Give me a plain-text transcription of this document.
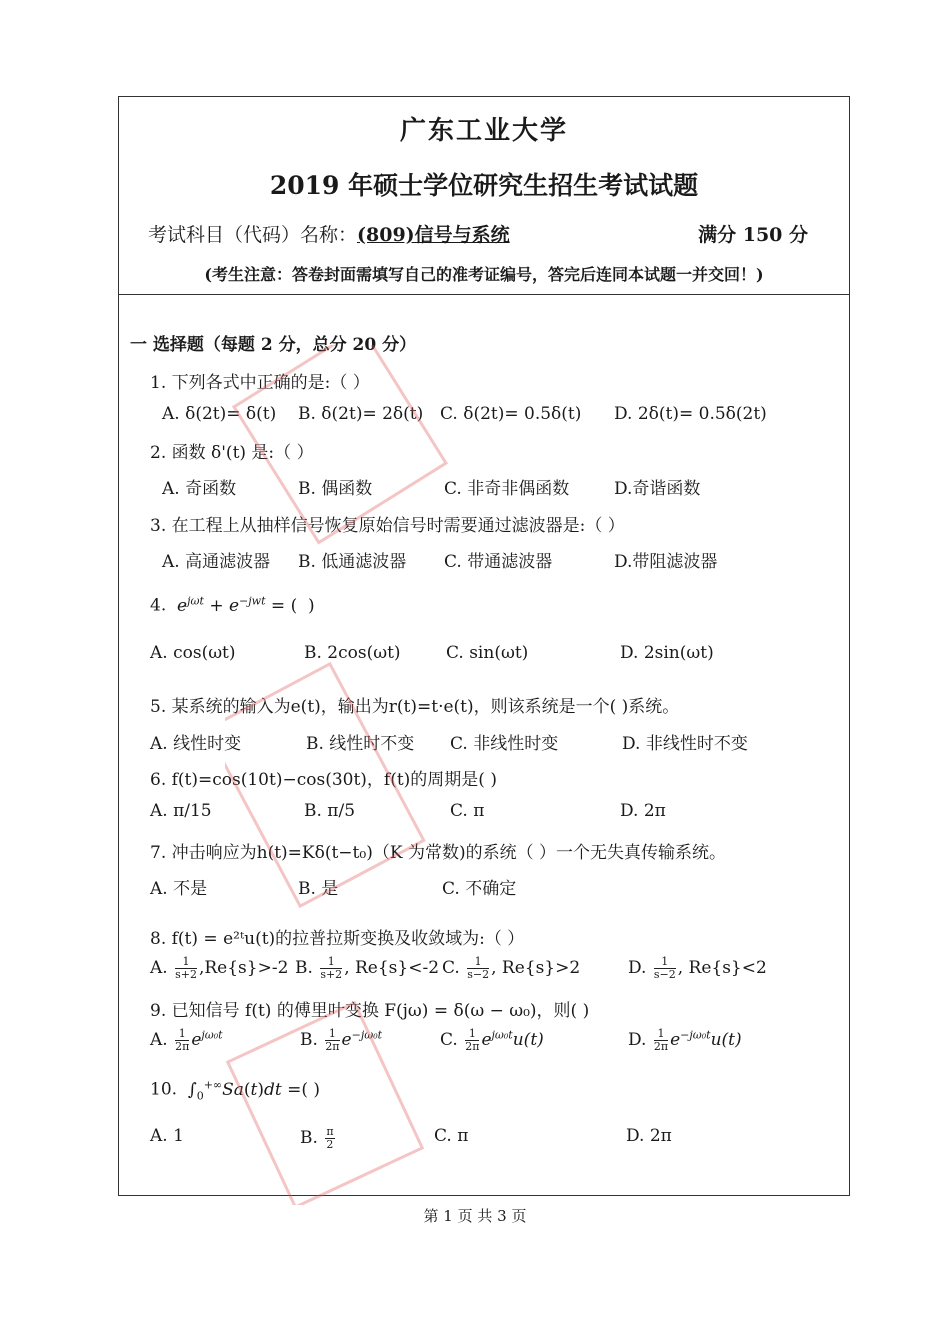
广东工业大学
2019 年硕士学位研究生招生考试试题
考试科目（代码）名称：(809)信号与系统	满分 150 分
(考生注意：答卷封面需填写自己的准考证编号，答完后连同本试题一并交回！)
一 选择题（每题 2 分，总分 20 分）
1. 下列各式中正确的是:（ ）
A. δ(2t)= δ(t) B. δ(2t)= 2δ(t) C. δ(2t)= 0.5δ(t) D. 2δ(t)= 0.5δ(2t)
2. 函数 δ'(t) 是:（ ）
A. 奇函数	B. 偶函数	C. 非奇非偶函数	D.奇谐函数
3. 在工程上从抽样信号恢复原始信号时需要通过滤波器是:（ ）
A. 高通滤波器 B. 低通滤波器 C. 带通滤波器	D.带阻滤波器
4. $e^{j\omega t} + e^{-jwt}$ = (  )
A. cos(ωt)	B. 2cos(ωt)	C. sin(ωt)	D. 2sin(ωt)
5. 某系统的输入为e(t)，输出为r(t)=t·e(t)，则该系统是一个( )系统。
A. 线性时变	B. 线性时不变 C. 非线性时变	D. 非线性时不变
6. f(t)=cos(10t)−cos(30t)，f(t)的周期是( )
A. π/15	B. π/5	C. π	D. 2π
7. 冲击响应为h(t)=Kδ(t−t₀)（K 为常数)的系统（ ）一个无失真传输系统。
A. 不是	B. 是	C. 不确定
8. f(t) = e²ᵗu(t)的拉普拉斯变换及收敛域为:（ ）
A. $\frac{1}{s+2} ,Re\{s\}>-2$ B. $\frac{1}{s+2}$ , Re{s}<-2 C. $\frac{1}{s-2}$ , Re{s}>2	D. $\frac{1}{s-2}$ , Re{s}<2
9. 已知信号 f(t) 的傅里叶变换 F(jω) = δ(ω − ω₀)，则( )
A. $\frac{1}{2\pi} e^{j\omega_0t}$	B. $\frac{1}{2\pi} e^{-j\omega_0t}$	C. $\frac{1}{2\pi} e^{j\omega_0t}u(t)$	D. $\frac{1}{2\pi} e^{-j\omega_0t}u(t)$
10.  $\int_0^{+\infty}Sa(t)dt$ =( )
A. 1	B. $\frac{\pi}{2}$	C. π	D. 2π
第 1 页 共 3 页
